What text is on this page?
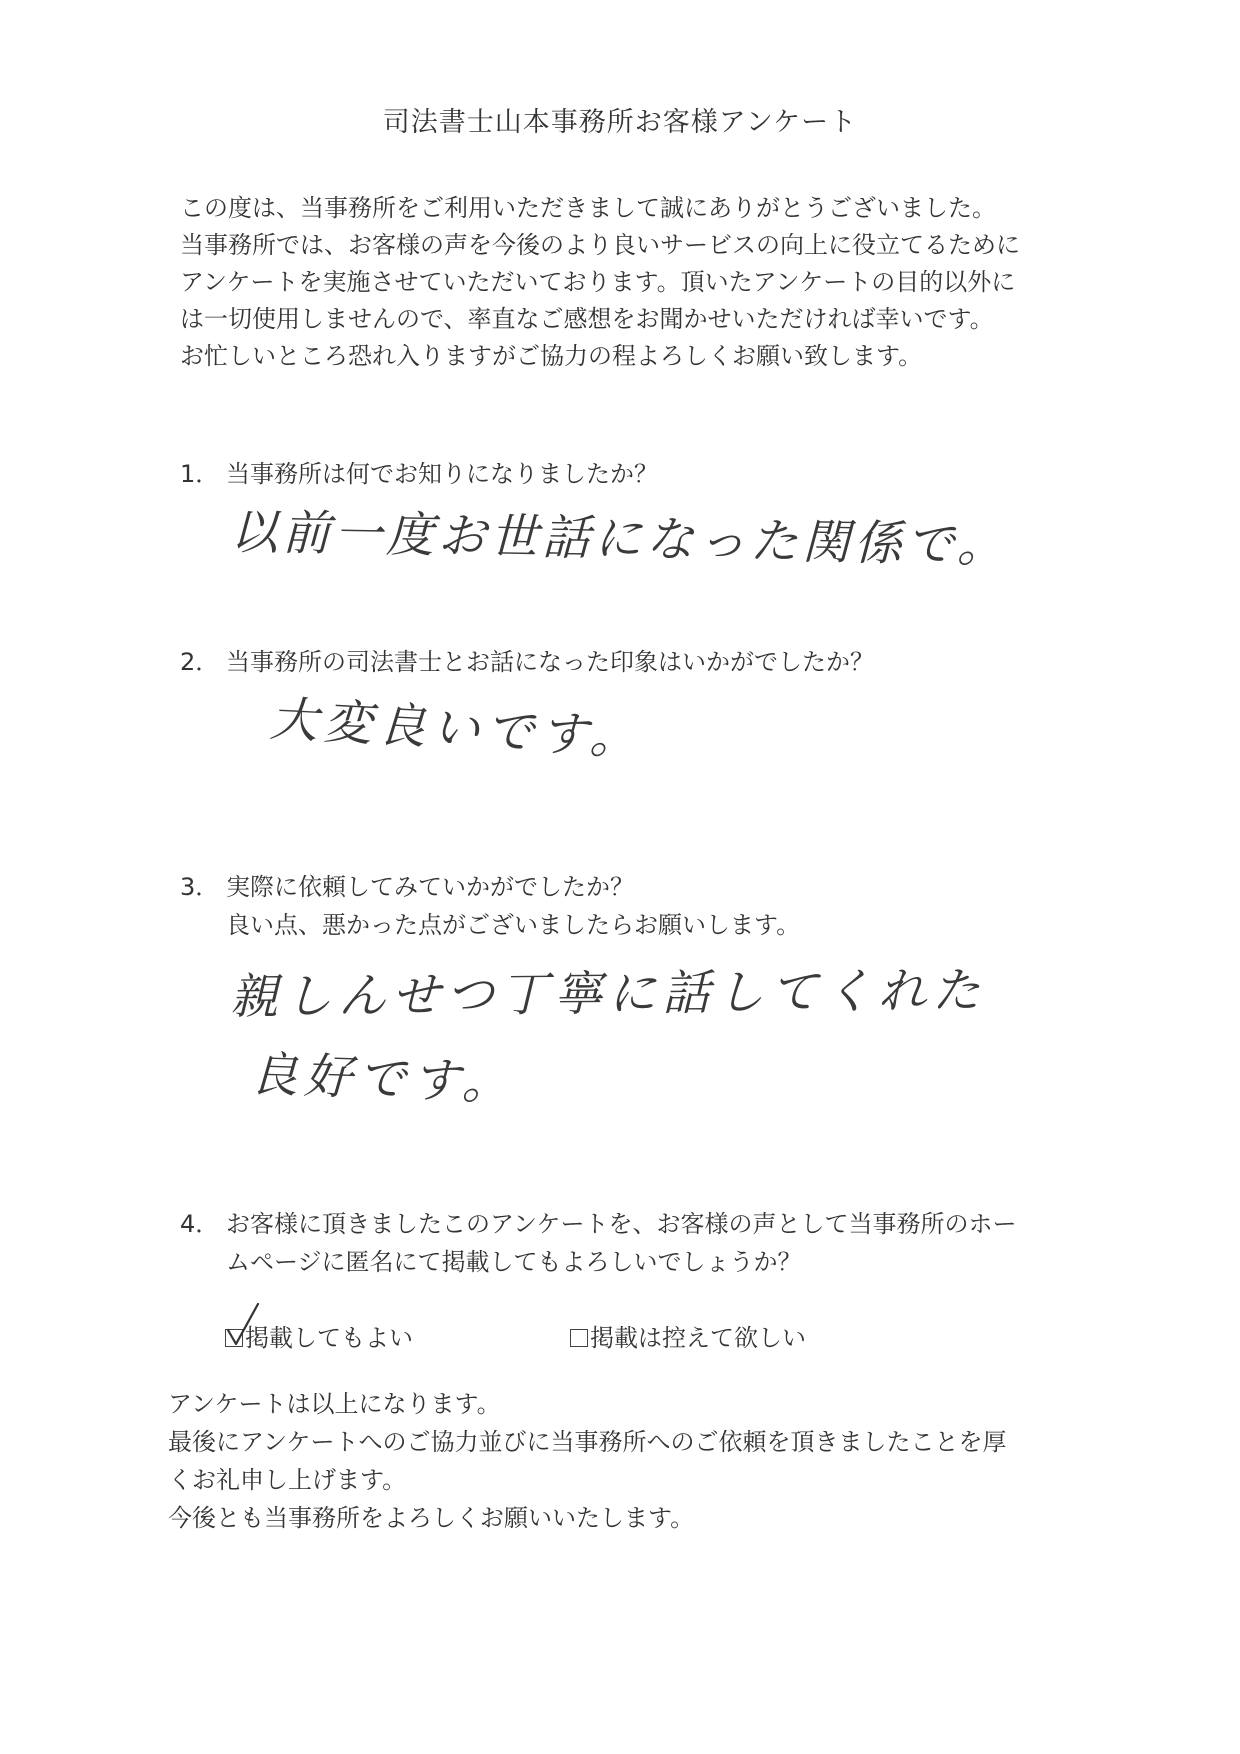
司法書士山本事務所お客様アンケート
この度は、当事務所をご利用いただきまして誠にありがとうございました。
当事務所では、お客様の声を今後のより良いサービスの向上に役立てるために
アンケートを実施させていただいております。頂いたアンケートの目的以外に
は一切使用しませんので、率直なご感想をお聞かせいただければ幸いです。
お忙しいところ恐れ入りますがご協力の程よろしくお願い致します。
1． 当事務所は何でお知りになりましたか？
以前一度お世話になった関係で。
2． 当事務所の司法書士とお話になった印象はいかがでしたか？
大変良いです。
3． 実際に依頼してみていかがでしたか？
良い点、悪かった点がございましたらお願いします。
親しんせつ丁寧に話してくれた
良好です。
4． お客様に頂きましたこのアンケートを、お客様の声として当事務所のホー
ムページに匿名にて掲載してもよろしいでしょうか？
掲載してもよい	掲載は控えて欲しい
アンケートは以上になります。
最後にアンケートへのご協力並びに当事務所へのご依頼を頂きましたことを厚
くお礼申し上げます。
今後とも当事務所をよろしくお願いいたします。
